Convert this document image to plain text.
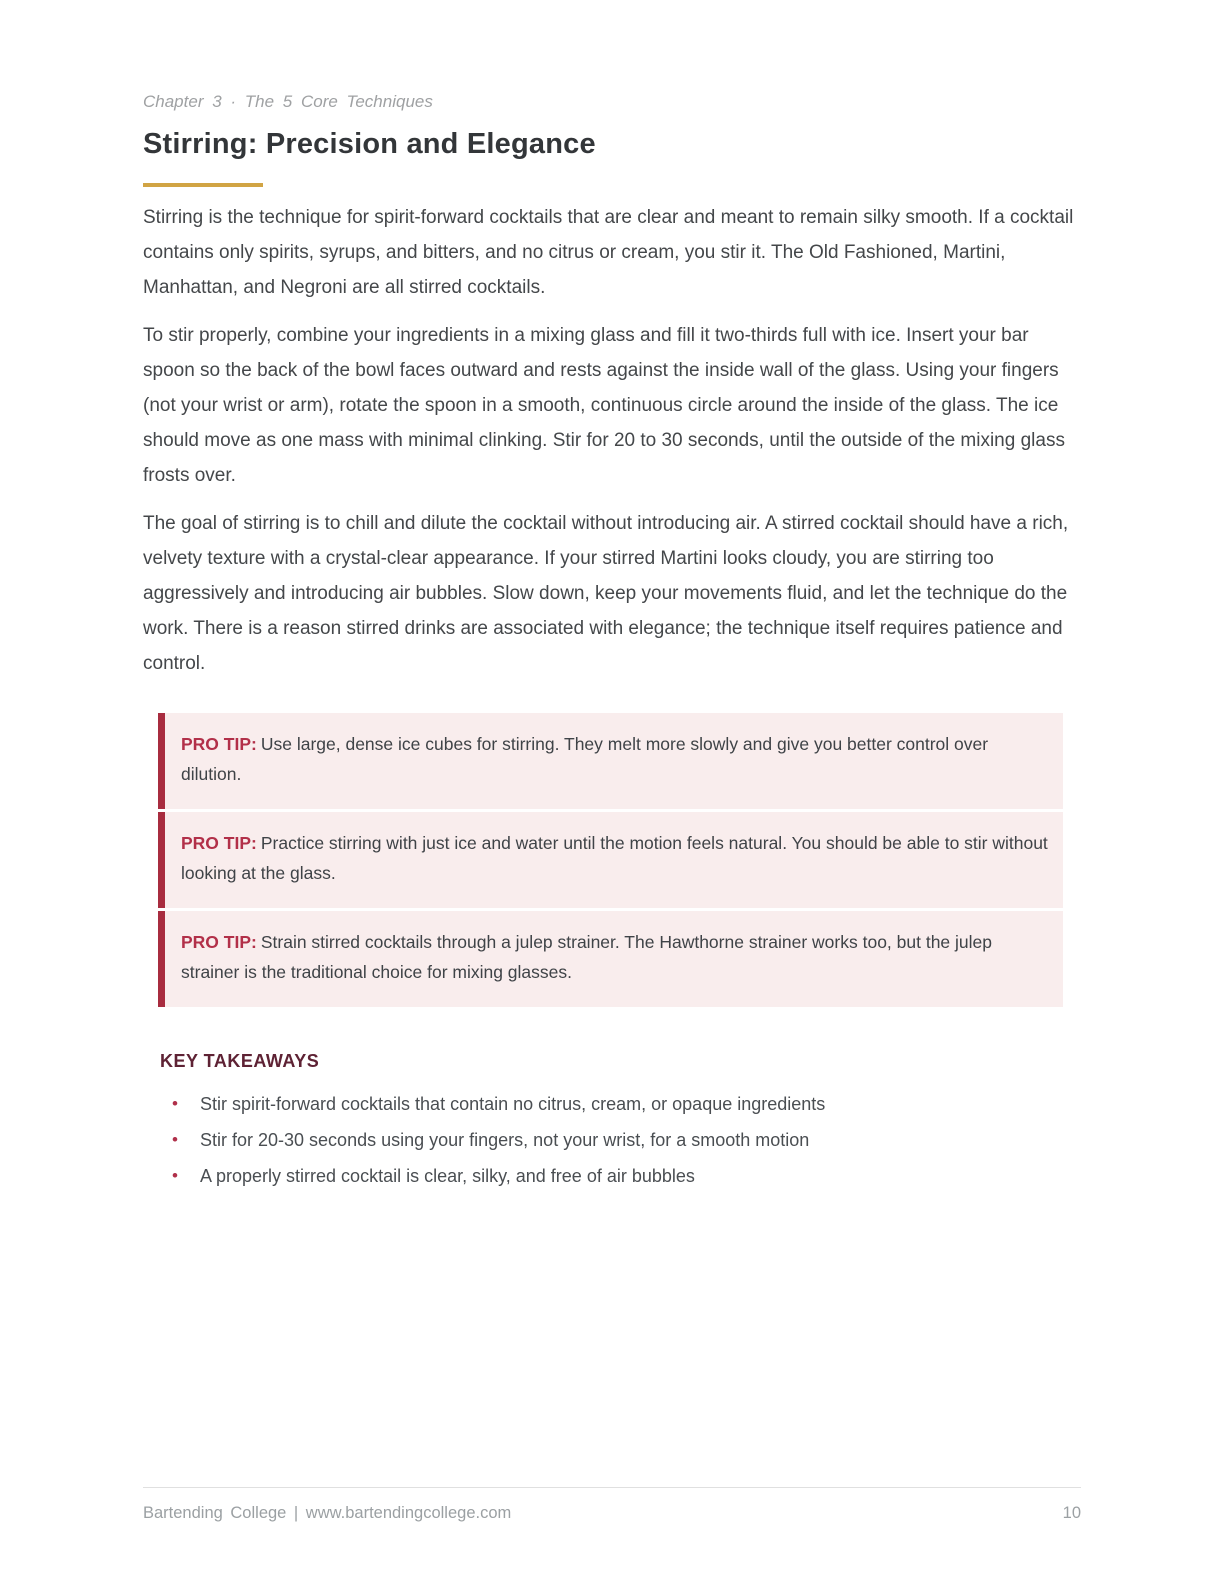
Chapter 3 · The 5 Core Techniques
Stirring: Precision and Elegance

Stirring is the technique for spirit-forward cocktails that are clear and meant to remain silky smooth. If a cocktail contains only spirits, syrups, and bitters, and no citrus or cream, you stir it. The Old Fashioned, Martini, Manhattan, and Negroni are all stirred cocktails.

To stir properly, combine your ingredients in a mixing glass and fill it two-thirds full with ice. Insert your bar spoon so the back of the bowl faces outward and rests against the inside wall of the glass. Using your fingers (not your wrist or arm), rotate the spoon in a smooth, continuous circle around the inside of the glass. The ice should move as one mass with minimal clinking. Stir for 20 to 30 seconds, until the outside of the mixing glass frosts over.

The goal of stirring is to chill and dilute the cocktail without introducing air. A stirred cocktail should have a rich, velvety texture with a crystal-clear appearance. If your stirred Martini looks cloudy, you are stirring too aggressively and introducing air bubbles. Slow down, keep your movements fluid, and let the technique do the work. There is a reason stirred drinks are associated with elegance; the technique itself requires patience and control.

PRO TIP: Use large, dense ice cubes for stirring. They melt more slowly and give you better control over dilution.
PRO TIP: Practice stirring with just ice and water until the motion feels natural. You should be able to stir without looking at the glass.
PRO TIP: Strain stirred cocktails through a julep strainer. The Hawthorne strainer works too, but the julep strainer is the traditional choice for mixing glasses.
KEY TAKEAWAYS
•	Stir spirit-forward cocktails that contain no citrus, cream, or opaque ingredients
•	Stir for 20-30 seconds using your fingers, not your wrist, for a smooth motion
•	A properly stirred cocktail is clear, silky, and free of air bubbles
Bartending College | www.bartendingcollege.com	10
